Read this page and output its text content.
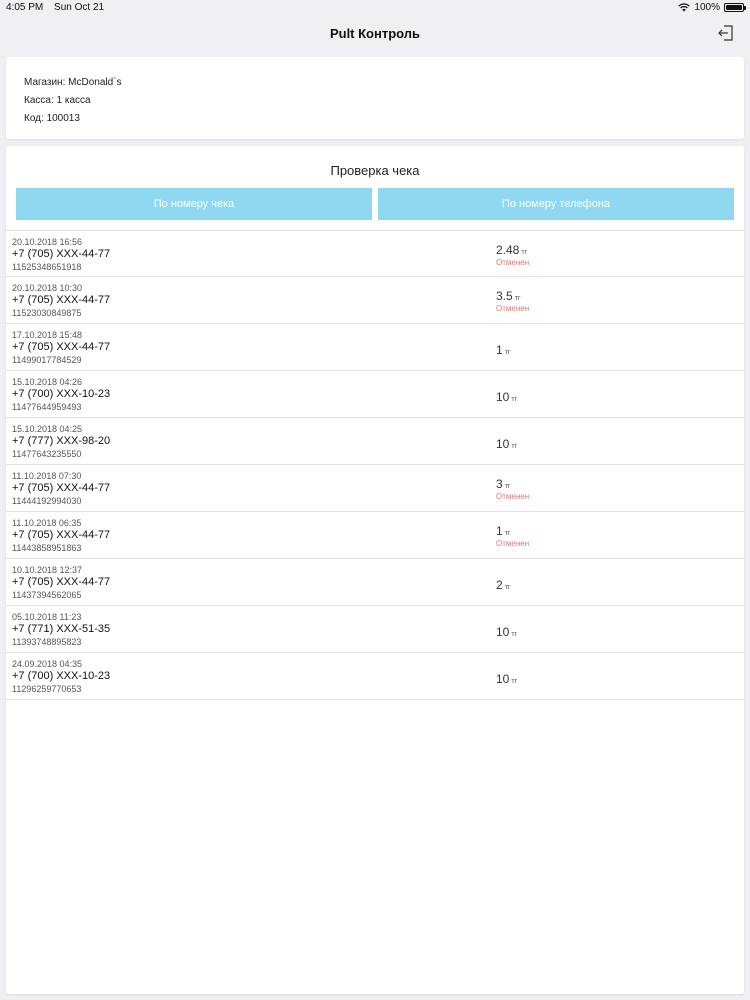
4:05 PM Sun Oct 21	100%
Pult Контроль
Магазин: McDonald`s
Касса: 1 касса
Код: 100013
Проверка чека
По номеру чека	По номеру телефона
20.10.2018 16:56
+7 (705) XXX-44-77
11525348651918
2.48 тг
Отменен
20.10.2018 10:30
+7 (705) XXX-44-77
11523030849875
3.5 тг
Отменен
17.10.2018 15:48
+7 (705) XXX-44-77
11499017784529
1 тг
15.10.2018 04:26
+7 (700) XXX-10-23
11477644959493
10 тг
15.10.2018 04:25
+7 (777) XXX-98-20
11477643235550
10 тг
11.10.2018 07:30
+7 (705) XXX-44-77
11444192994030
3 тг
Отменен
11.10.2018 06:35
+7 (705) XXX-44-77
11443858951863
1 тг
Отменен
10.10.2018 12:37
+7 (705) XXX-44-77
11437394562065
2 тг
05.10.2018 11:23
+7 (771) XXX-51-35
11393748895823
10 тг
24.09.2018 04:35
+7 (700) XXX-10-23
11296259770653
10 тг
